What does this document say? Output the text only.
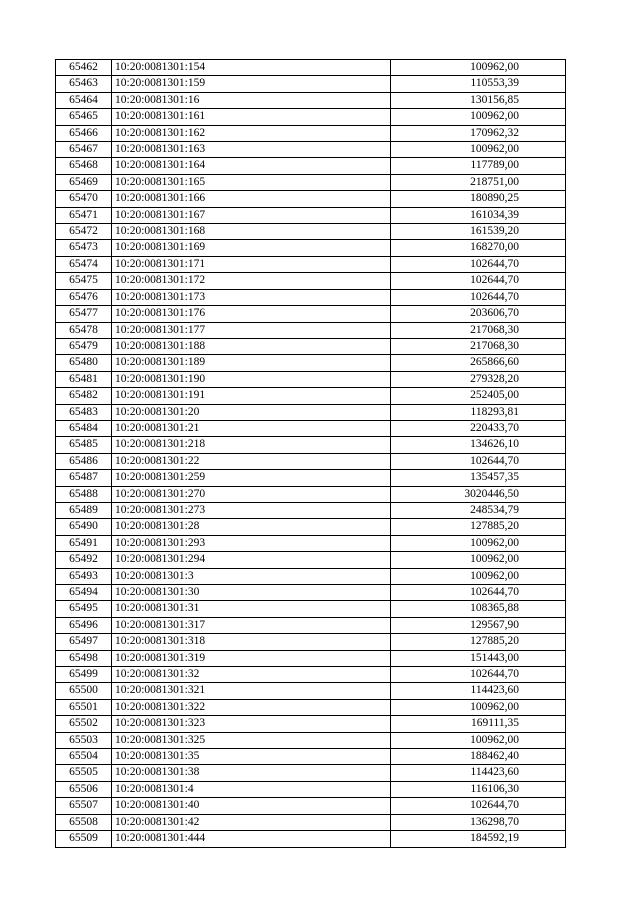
65462	10:20:0081301:154	100962,00
65463	10:20:0081301:159	110553,39
65464	10:20:0081301:16	130156,85
65465	10:20:0081301:161	100962,00
65466	10:20:0081301:162	170962,32
65467	10:20:0081301:163	100962,00
65468	10:20:0081301:164	117789,00
65469	10:20:0081301:165	218751,00
65470	10:20:0081301:166	180890,25
65471	10:20:0081301:167	161034,39
65472	10:20:0081301:168	161539,20
65473	10:20:0081301:169	168270,00
65474	10:20:0081301:171	102644,70
65475	10:20:0081301:172	102644,70
65476	10:20:0081301:173	102644,70
65477	10:20:0081301:176	203606,70
65478	10:20:0081301:177	217068,30
65479	10:20:0081301:188	217068,30
65480	10:20:0081301:189	265866,60
65481	10:20:0081301:190	279328,20
65482	10:20:0081301:191	252405,00
65483	10:20:0081301:20	118293,81
65484	10:20:0081301:21	220433,70
65485	10:20:0081301:218	134626,10
65486	10:20:0081301:22	102644,70
65487	10:20:0081301:259	135457,35
65488	10:20:0081301:270	3020446,50
65489	10:20:0081301:273	248534,79
65490	10:20:0081301:28	127885,20
65491	10:20:0081301:293	100962,00
65492	10:20:0081301:294	100962,00
65493	10:20:0081301:3	100962,00
65494	10:20:0081301:30	102644,70
65495	10:20:0081301:31	108365,88
65496	10:20:0081301:317	129567,90
65497	10:20:0081301:318	127885,20
65498	10:20:0081301:319	151443,00
65499	10:20:0081301:32	102644,70
65500	10:20:0081301:321	114423,60
65501	10:20:0081301:322	100962,00
65502	10:20:0081301:323	169111,35
65503	10:20:0081301:325	100962,00
65504	10:20:0081301:35	188462,40
65505	10:20:0081301:38	114423,60
65506	10:20:0081301:4	116106,30
65507	10:20:0081301:40	102644,70
65508	10:20:0081301:42	136298,70
65509	10:20:0081301:444	184592,19
